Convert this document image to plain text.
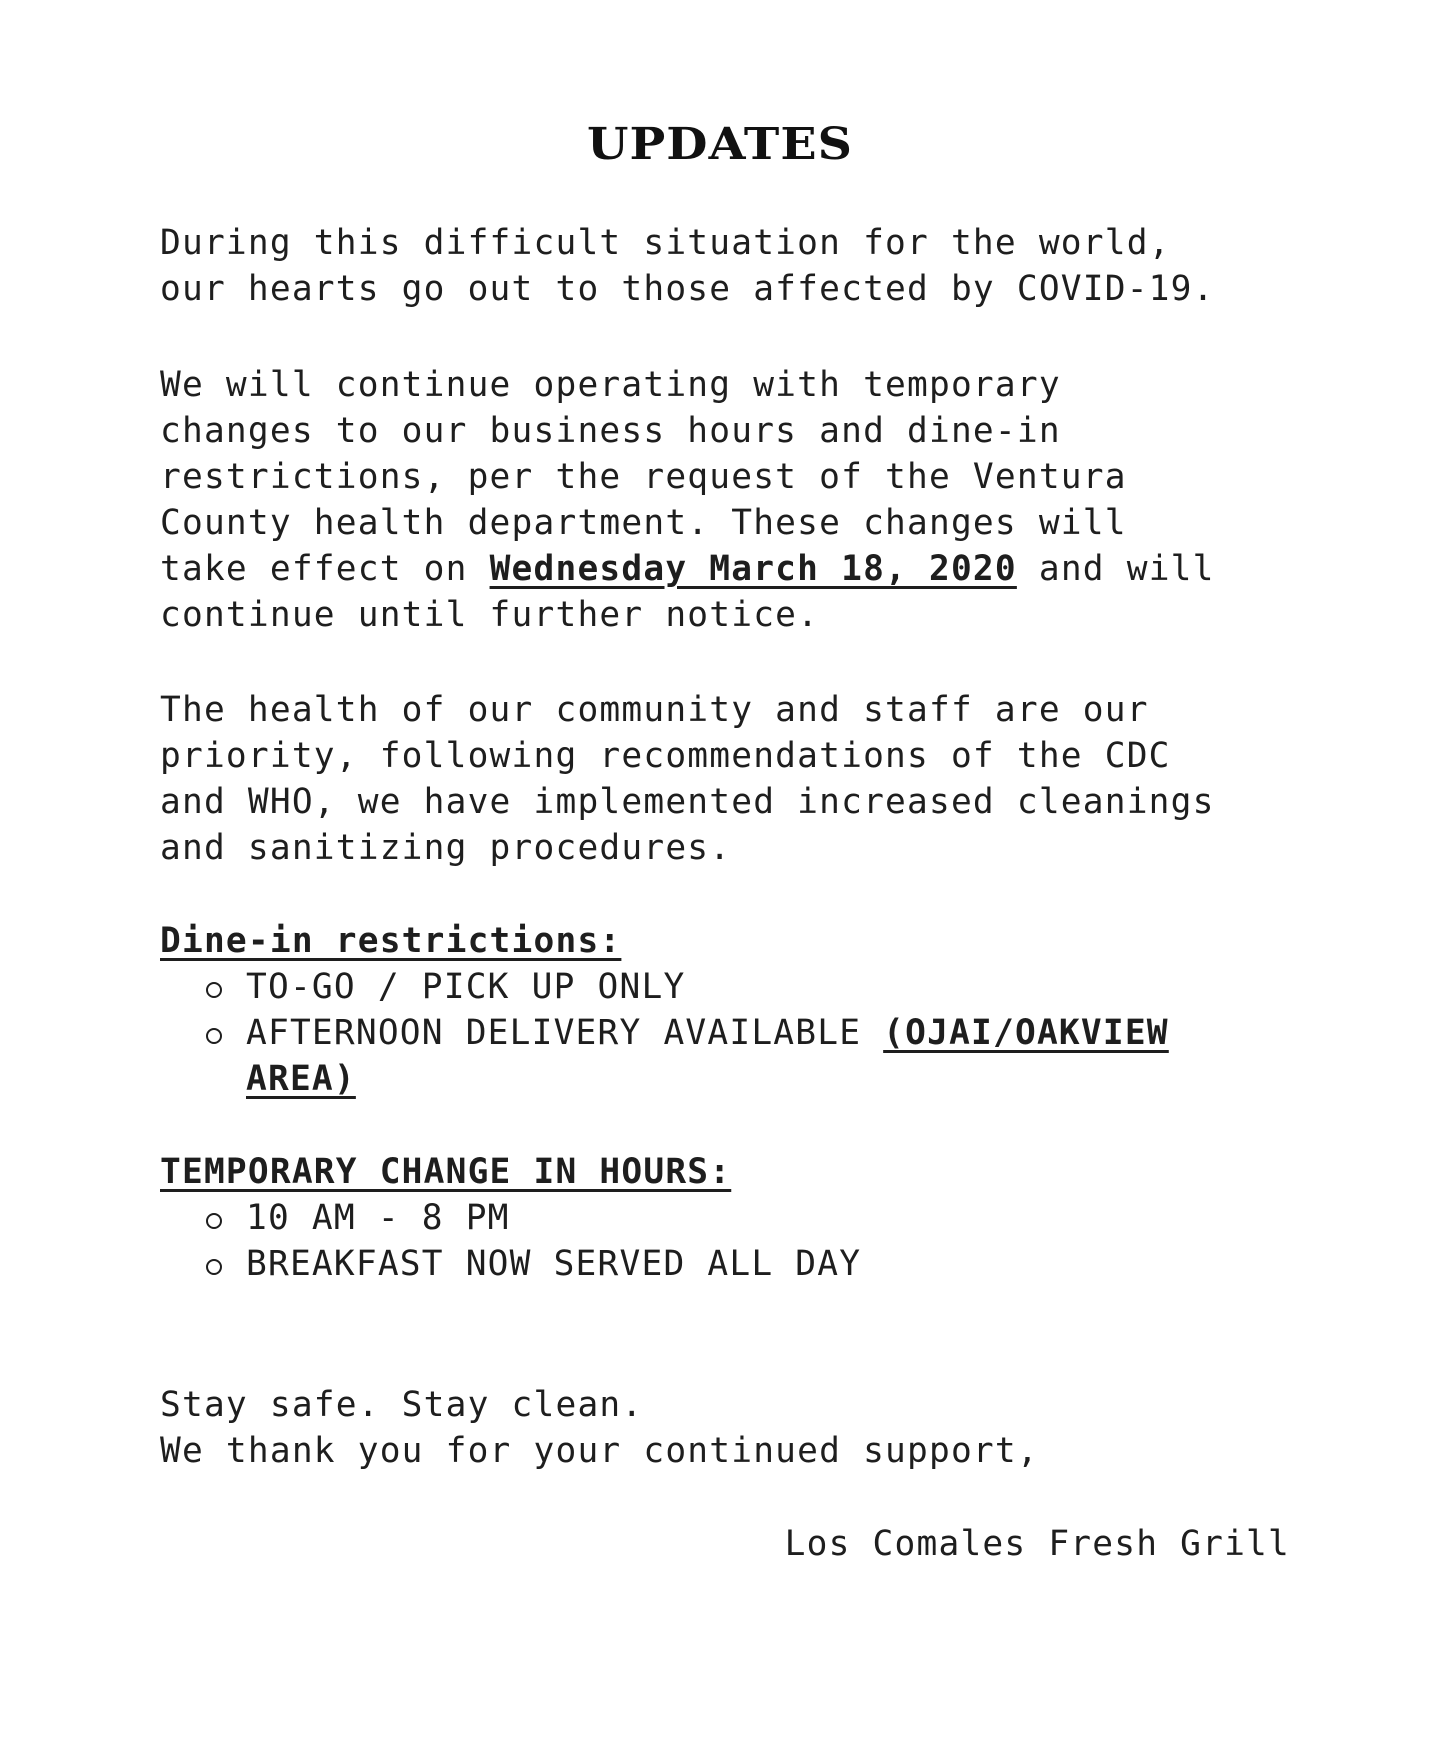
UPDATES
During this difficult situation for the world,
our hearts go out to those affected by COVID-19.
We will continue operating with temporary
changes to our business hours and dine-in
restrictions, per the request of the Ventura
County health department. These changes will
take effect on Wednesday March 18, 2020 and will
continue until further notice.
The health of our community and staff are our
priority, following recommendations of the CDC
and WHO, we have implemented increased cleanings
and sanitizing procedures.
Dine-in restrictions:
TO-GO / PICK UP ONLY
AFTERNOON DELIVERY AVAILABLE (OJAI/OAKVIEW
AREA)
TEMPORARY CHANGE IN HOURS:
10 AM - 8 PM
BREAKFAST NOW SERVED ALL DAY
Stay safe. Stay clean.
We thank you for your continued support,
Los Comales Fresh Grill
